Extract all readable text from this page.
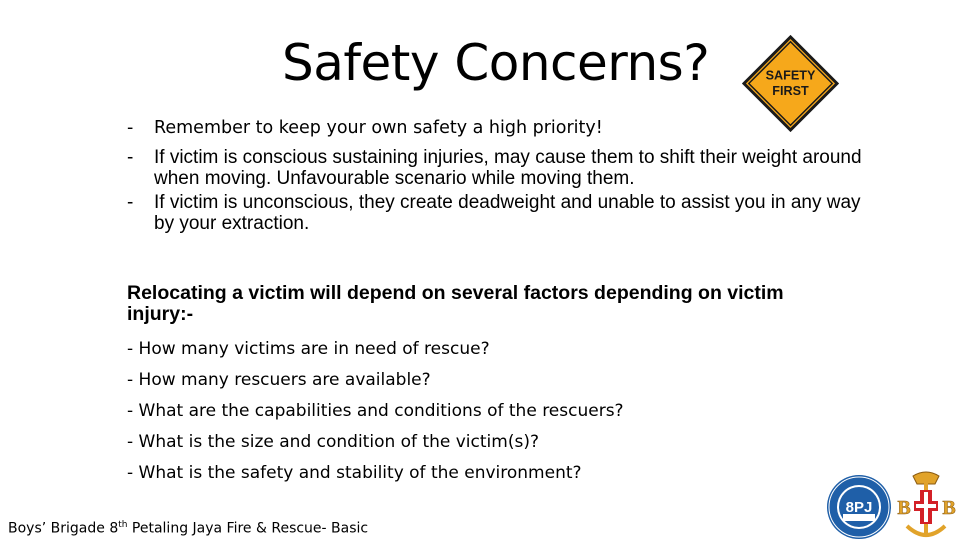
Safety Concerns?	SAFETY
FIRST
- Remember to keep your own safety a high priority!
- If victim is conscious sustaining injuries, may cause them to shift their weight around when moving. Unfavourable scenario while moving them.
- If victim is unconscious, they create deadweight and unable to assist you in any way by your extraction.
Relocating a victim will depend on several factors depending on victim injury:-
- How many victims are in need of rescue?
- How many rescuers are available?
- What are the capabilities and conditions of the rescuers?
- What is the size and condition of the victim(s)?
- What is the safety and stability of the environment?
Boys’ Brigade 8th Petaling Jaya Fire & Rescue- Basic
8PJ B B
